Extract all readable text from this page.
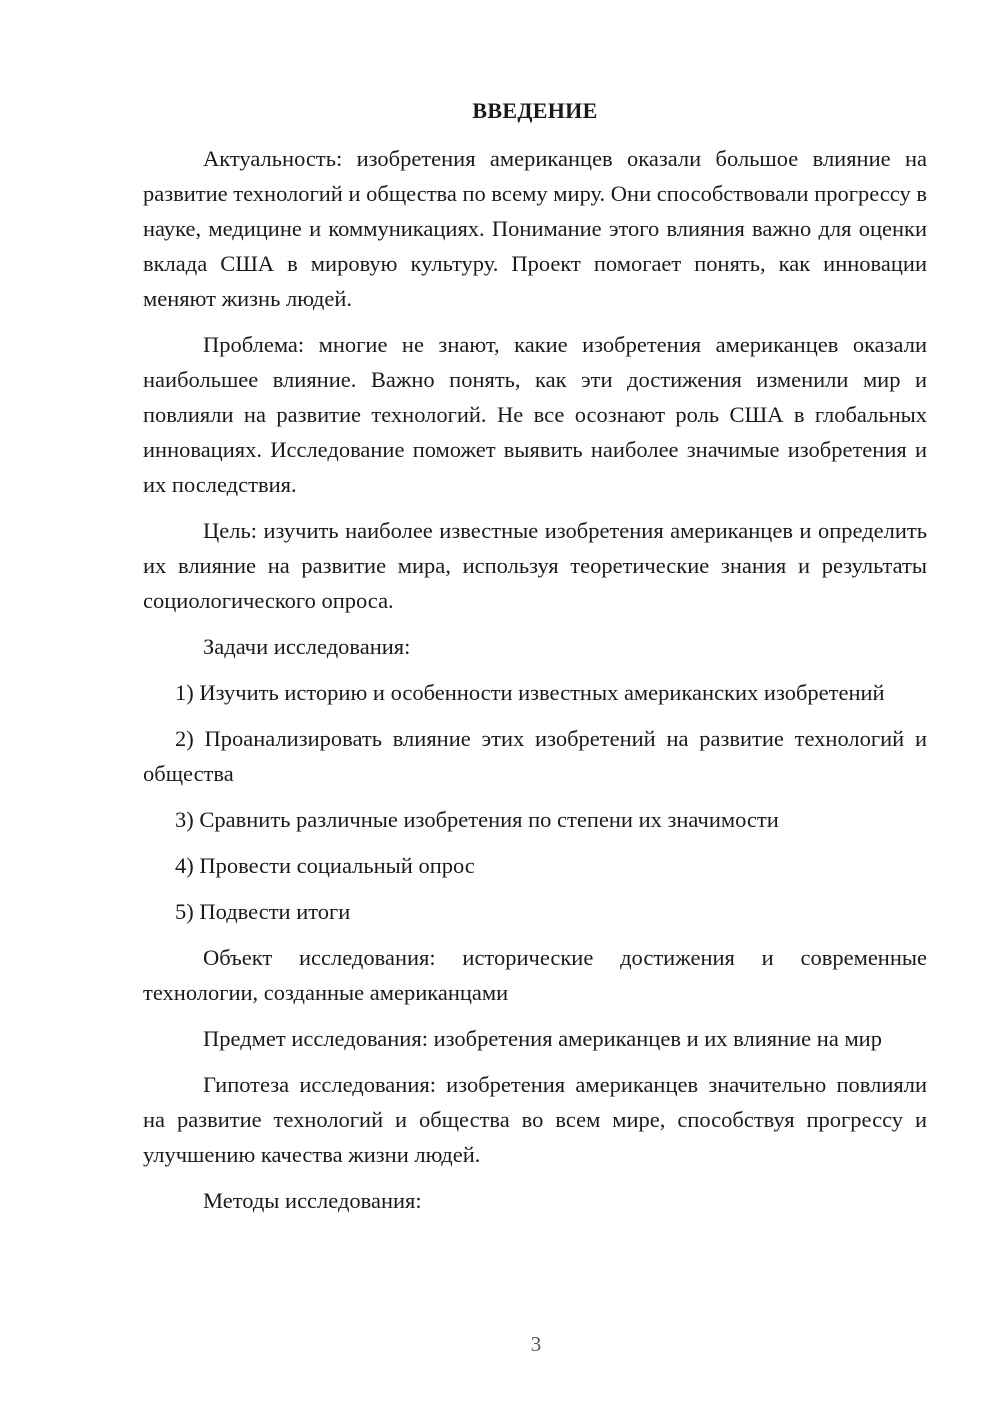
ВВЕДЕНИЕ

Актуальность: изобретения американцев оказали большое влияние на развитие технологий и общества по всему миру. Они способствовали прогрессу в науке, медицине и коммуникациях. Понимание этого влияния важно для оценки вклада США в мировую культуру. Проект помогает понять, как инновации меняют жизнь людей.

Проблема: многие не знают, какие изобретения американцев оказали наибольшее влияние. Важно понять, как эти достижения изменили мир и повлияли на развитие технологий. Не все осознают роль США в глобальных инновациях. Исследование поможет выявить наиболее значимые изобретения и их последствия.

Цель: изучить наиболее известные изобретения американцев и определить их влияние на развитие мира, используя теоретические знания и результаты социологического опроса.

Задачи исследования:

1) Изучить историю и особенности известных американских изобретений

2) Проанализировать влияние этих изобретений на развитие технологий и общества

3) Сравнить различные изобретения по степени их значимости

4) Провести социальный опрос

5) Подвести итоги

Объект исследования: исторические достижения и современные технологии, созданные американцами

Предмет исследования: изобретения американцев и их влияние на мир

Гипотеза исследования: изобретения американцев значительно повлияли на развитие технологий и общества во всем мире, способствуя прогрессу и улучшению качества жизни людей.

Методы исследования:

3
